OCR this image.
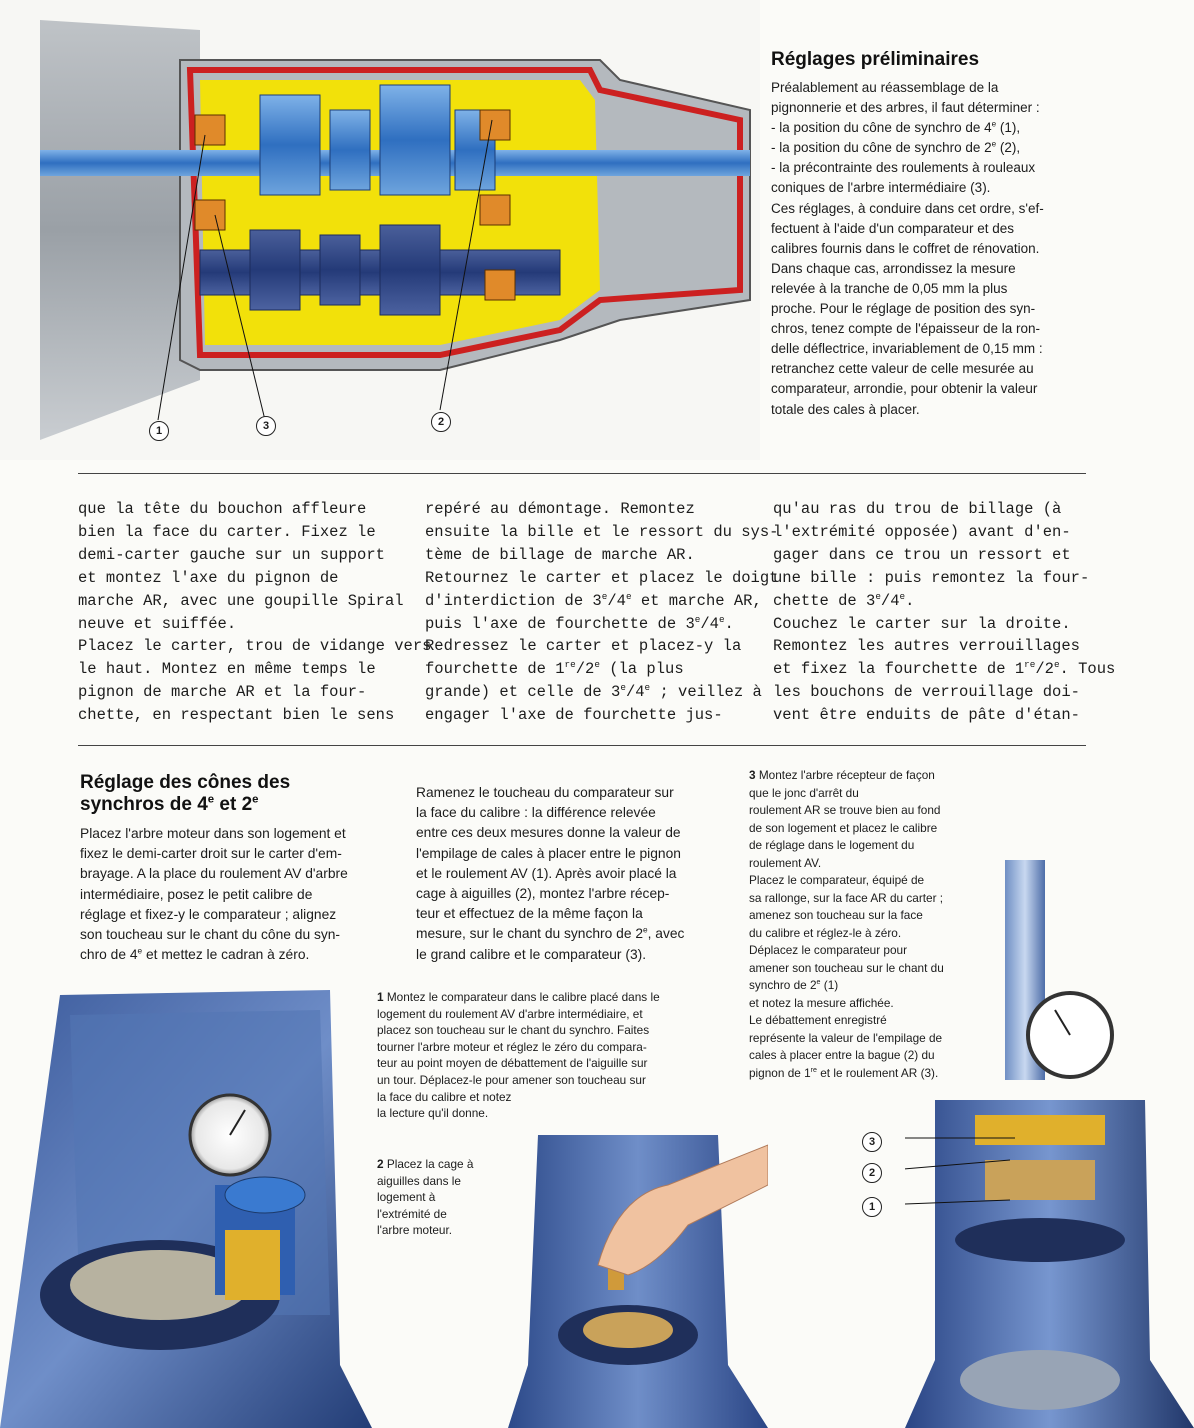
1	3	2
Réglages préliminaires

Préalablement au réassemblage de la

pignonnerie et des arbres, il faut déterminer :

- la position du cône de synchro de 4e (1),

- la position du cône de synchro de 2e (2),

- la précontrainte des roulements à rouleaux

coniques de l'arbre intermédiaire (3).

Ces réglages, à conduire dans cet ordre, s'ef-

fectuent à l'aide d'un comparateur et des

calibres fournis dans le coffret de rénovation.

Dans chaque cas, arrondissez la mesure

relevée à la tranche de 0,05 mm la plus

proche. Pour le réglage de position des syn-

chros, tenez compte de l'épaisseur de la ron-

delle déflectrice, invariablement de 0,15 mm :

retranchez cette valeur de celle mesurée au

comparateur, arrondie, pour obtenir la valeur

totale des cales à placer.

que la tête du bouchon affleure

bien la face du carter. Fixez le

demi-carter gauche sur un support

et montez l'axe du pignon de

marche AR, avec une goupille Spiral

neuve et suiffée.

Placez le carter, trou de vidange vers

le haut. Montez en même temps le

pignon de marche AR et la four-

chette, en respectant bien le sens

repéré au démontage. Remontez

ensuite la bille et le ressort du sys-

tème de billage de marche AR.

Retournez le carter et placez le doigt

d'interdiction de 3e/4e et marche AR,

puis l'axe de fourchette de 3e/4e.

Redressez le carter et placez-y la

fourchette de 1re/2e (la plus

grande) et celle de 3e/4e ; veillez à

engager l'axe de fourchette jus-

qu'au ras du trou de billage (à

l'extrémité opposée) avant d'en-

gager dans ce trou un ressort et

une bille : puis remontez la four-

chette de 3e/4e.

Couchez le carter sur la droite.

Remontez les autres verrouillages

et fixez la fourchette de 1re/2e. Tous

les bouchons de verrouillage doi-

vent être enduits de pâte d'étan-

Réglage des cônes des
synchros de 4e et 2e

Placez l'arbre moteur dans son logement et

fixez le demi-carter droit sur le carter d'em-

brayage. A la place du roulement AV d'arbre

intermédiaire, posez le petit calibre de

réglage et fixez-y le comparateur ; alignez

son toucheau sur le chant du cône du syn-

chro de 4e et mettez le cadran à zéro.

Ramenez le toucheau du comparateur sur

la face du calibre : la différence relevée

entre ces deux mesures donne la valeur de

l'empilage de cales à placer entre le pignon

et le roulement AV (1). Après avoir placé la

cage à aiguilles (2), montez l'arbre récep-

teur et effectuez de la même façon la

mesure, sur le chant du synchro de 2e, avec

le grand calibre et le comparateur (3).

3 Montez l'arbre récepteur de façon

que le jonc d'arrêt du

roulement AR se trouve bien au fond

de son logement et placez le calibre

de réglage dans le logement du

roulement AV.

Placez le comparateur, équipé de

sa rallonge, sur la face AR du carter ;

amenez son toucheau sur la face

du calibre et réglez-le à zéro.

Déplacez le comparateur pour

amener son toucheau sur le chant du

synchro de 2e (1)

et notez la mesure affichée.

Le débattement enregistré

représente la valeur de l'empilage de

cales à placer entre la bague (2) du

pignon de 1re et le roulement AR (3).

1 Montez le comparateur dans le calibre placé dans le

logement du roulement AV d'arbre intermédiaire, et

placez son toucheau sur le chant du synchro. Faites

tourner l'arbre moteur et réglez le zéro du compara-

teur au point moyen de débattement de l'aiguille sur

un tour. Déplacez-le pour amener son toucheau sur

la face du calibre et notez

la lecture qu'il donne.

2 Placez la cage à

aiguilles dans le

logement à

l'extrémité de

l'arbre moteur.

3
2
1
